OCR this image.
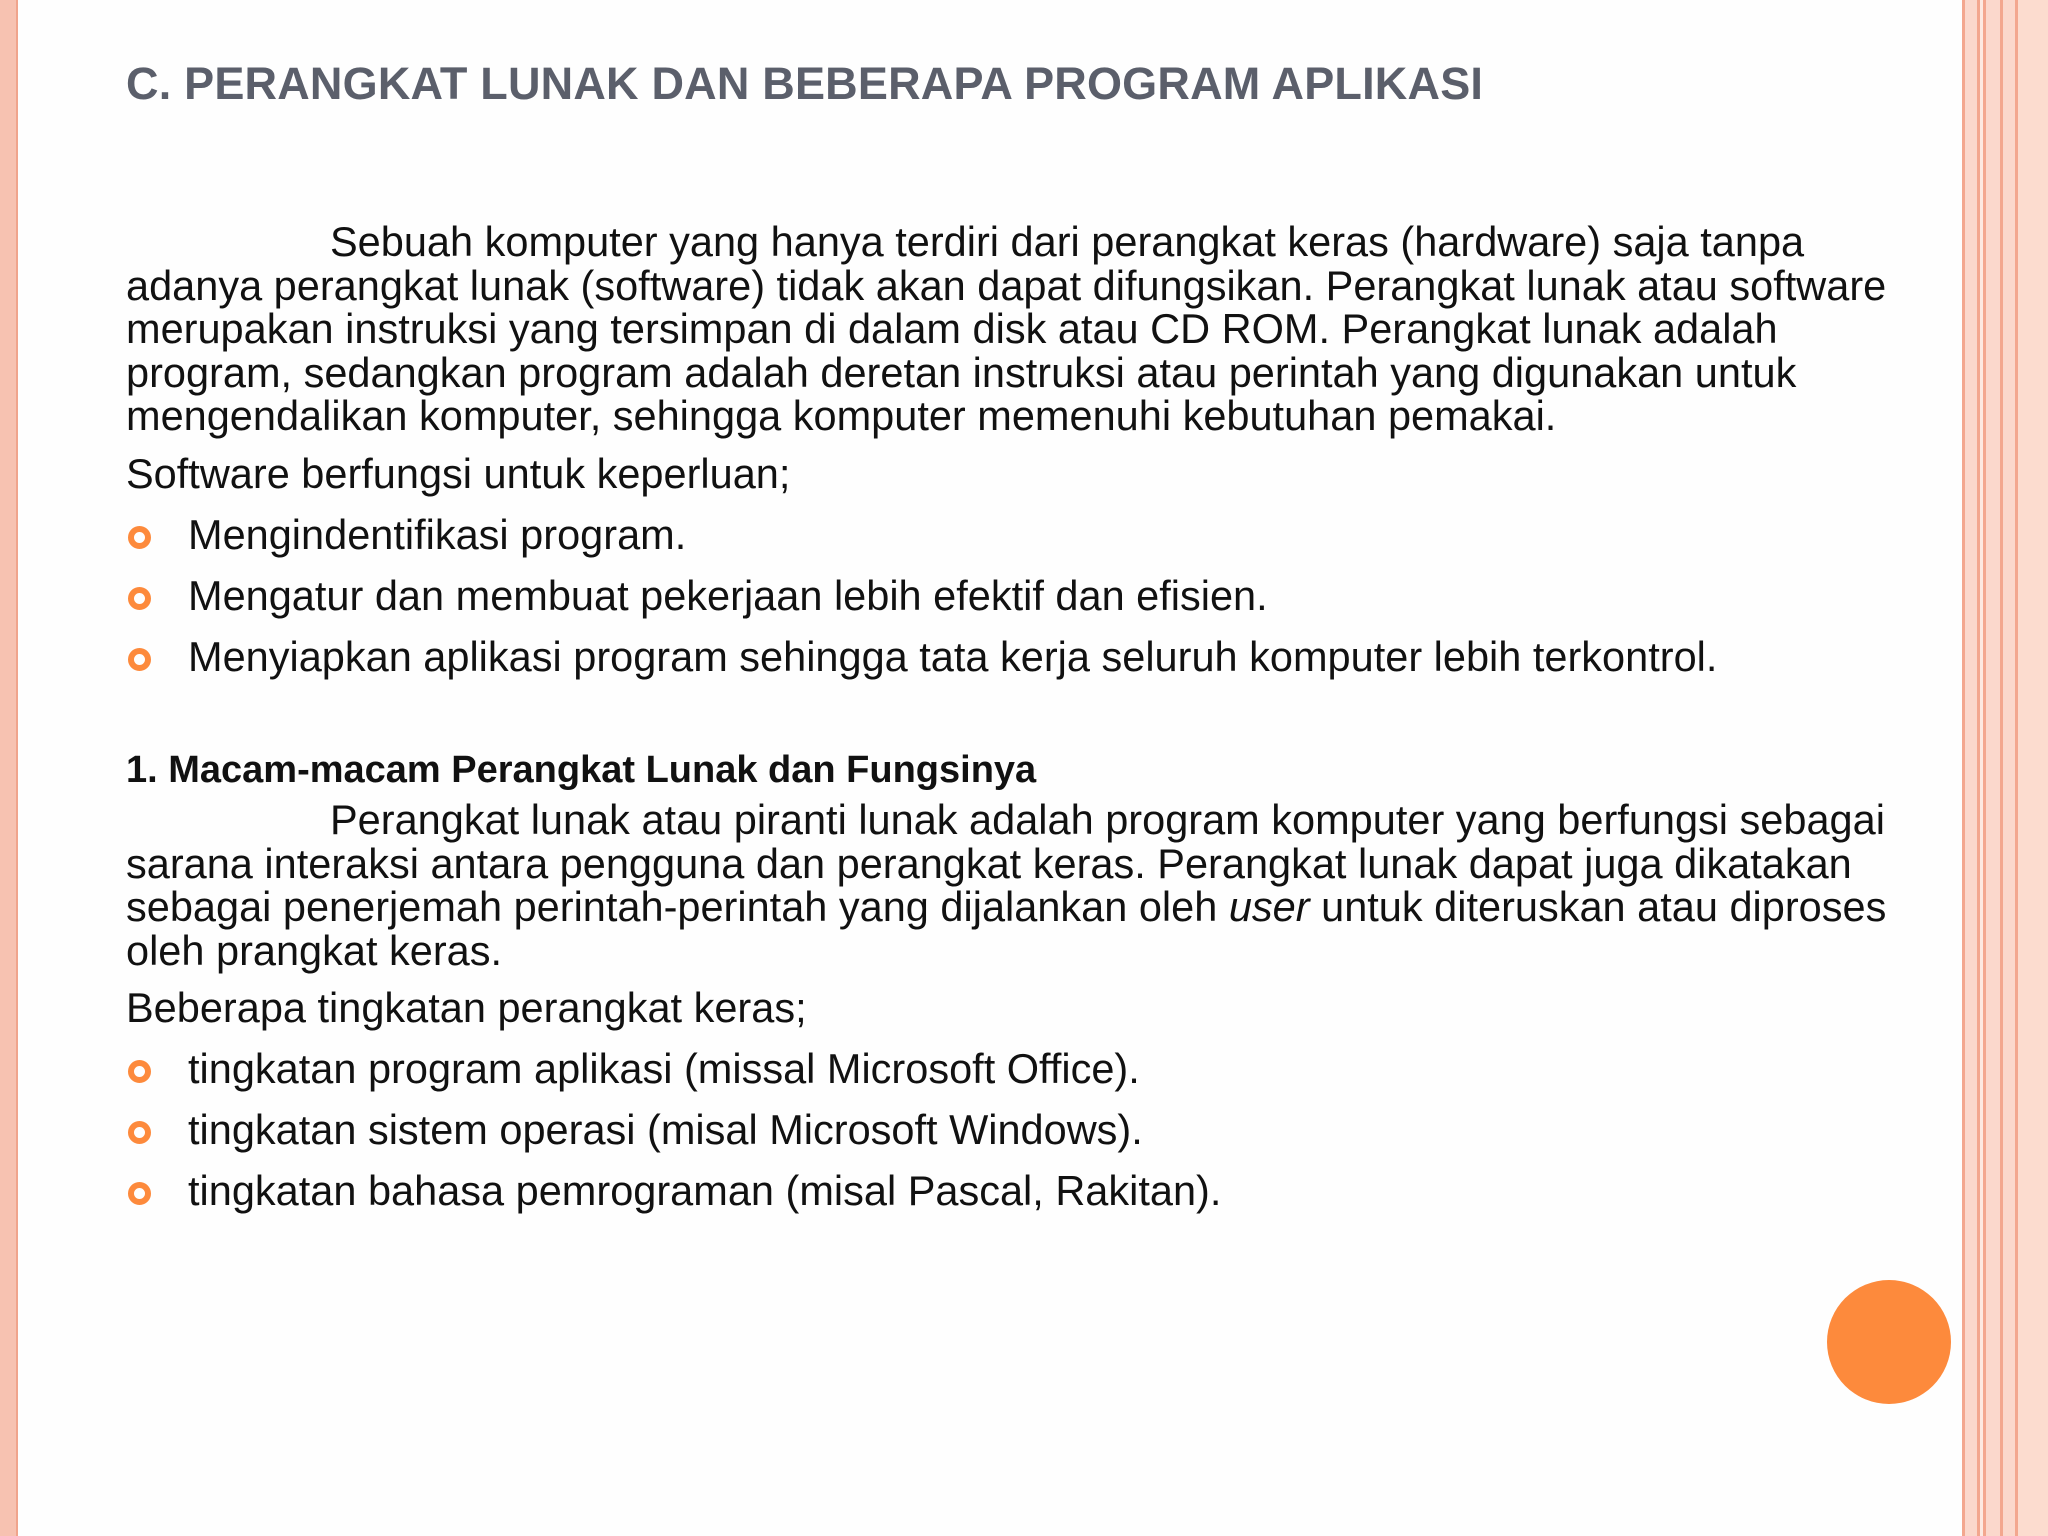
C. PERANGKAT LUNAK DAN BEBERAPA PROGRAM APLIKASI

Sebuah komputer yang hanya terdiri dari perangkat keras (hardware) saja tanpa adanya perangkat lunak (software) tidak akan dapat difungsikan. Perangkat lunak atau software merupakan instruksi yang tersimpan di dalam disk atau CD ROM. Perangkat lunak adalah program, sedangkan program adalah deretan instruksi atau perintah yang digunakan untuk mengendalikan komputer, sehingga komputer memenuhi kebutuhan pemakai.

Software berfungsi untuk keperluan;

Mengindentifikasi program.
Mengatur dan membuat pekerjaan lebih efektif dan efisien.
Menyiapkan aplikasi program sehingga tata kerja seluruh komputer lebih terkontrol.
1. Macam-macam Perangkat Lunak dan Fungsinya

Perangkat lunak atau piranti lunak adalah program komputer yang berfungsi sebagai sarana interaksi antara pengguna dan perangkat keras. Perangkat lunak dapat juga dikatakan sebagai penerjemah perintah-perintah yang dijalankan oleh user untuk diteruskan atau diproses oleh prangkat keras.

Beberapa tingkatan perangkat keras;

tingkatan program aplikasi (missal Microsoft Office).
tingkatan sistem operasi (misal Microsoft Windows).
tingkatan bahasa pemrograman (misal Pascal, Rakitan).
